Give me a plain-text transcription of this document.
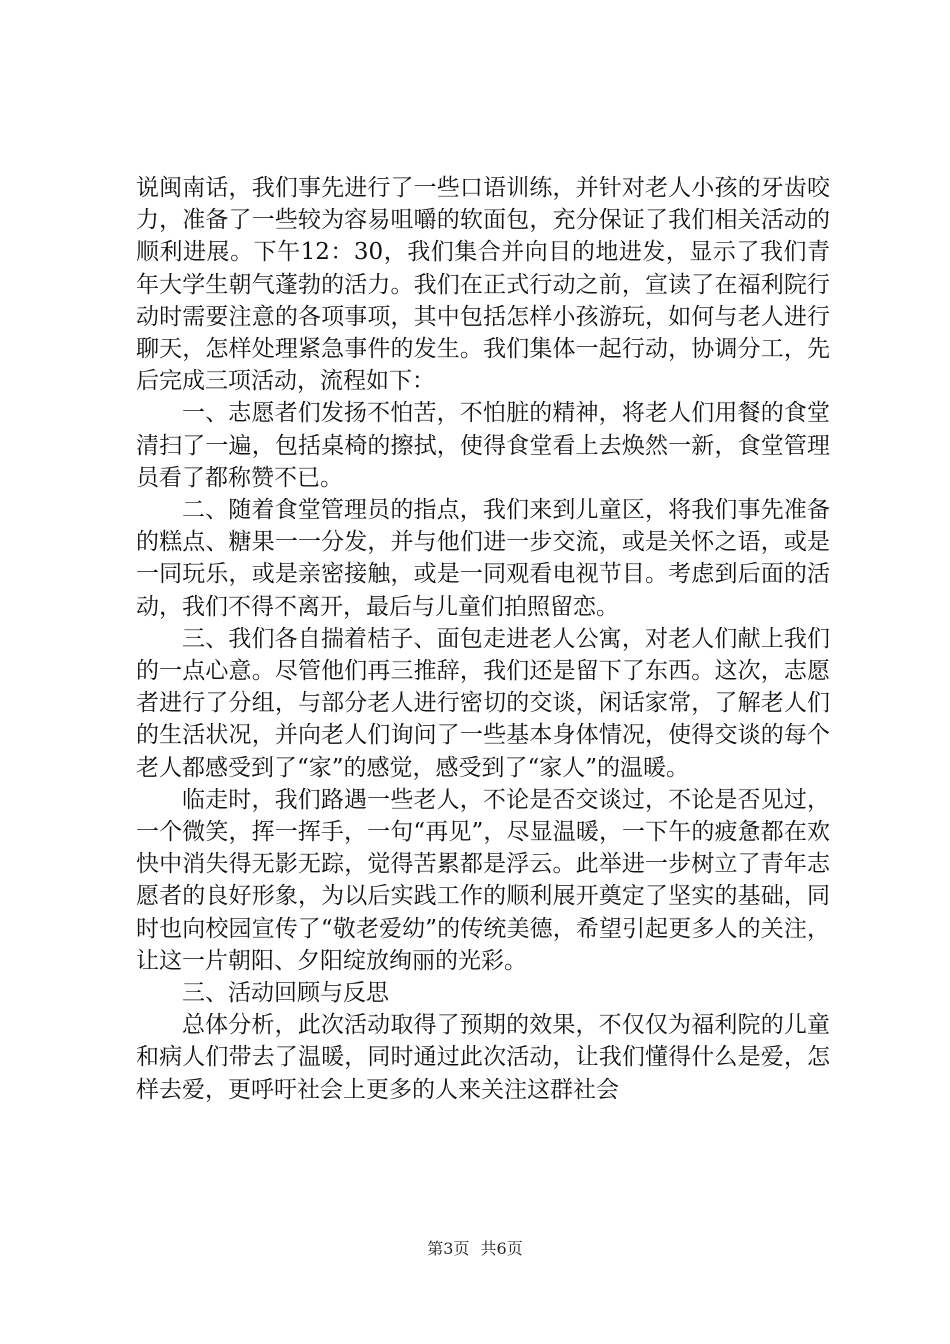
说闽南话，我们事先进行了一些口语训练，并针对老人小孩的牙齿咬力，准备了一些较为容易咀嚼的软面包，充分保证了我们相关活动的顺利进展。下午12：30，我们集合并向目的地进发，显示了我们青年大学生朝气蓬勃的活力。我们在正式行动之前，宣读了在福利院行动时需要注意的各项事项，其中包括怎样小孩游玩，如何与老人进行聊天，怎样处理紧急事件的发生。我们集体一起行动，协调分工，先后完成三项活动，流程如下：

一、志愿者们发扬不怕苦，不怕脏的精神，将老人们用餐的食堂清扫了一遍，包括桌椅的擦拭，使得食堂看上去焕然一新，食堂管理员看了都称赞不已。

二、随着食堂管理员的指点，我们来到儿童区，将我们事先准备的糕点、糖果一一分发，并与他们进一步交流，或是关怀之语，或是一同玩乐，或是亲密接触，或是一同观看电视节目。考虑到后面的活动，我们不得不离开，最后与儿童们拍照留恋。

三、我们各自揣着桔子、面包走进老人公寓，对老人们献上我们的一点心意。尽管他们再三推辞，我们还是留下了东西。这次，志愿者进行了分组，与部分老人进行密切的交谈，闲话家常，了解老人们的生活状况，并向老人们询问了一些基本身体情况，使得交谈的每个老人都感受到了“家”的感觉，感受到了“家人”的温暖。

临走时，我们路遇一些老人，不论是否交谈过，不论是否见过，一个微笑，挥一挥手，一句“再见”，尽显温暖，一下午的疲惫都在欢快中消失得无影无踪，觉得苦累都是浮云。此举进一步树立了青年志愿者的良好形象，为以后实践工作的顺利展开奠定了坚实的基础，同时也向校园宣传了“敬老爱幼”的传统美德，希望引起更多人的关注，让这一片朝阳、夕阳绽放绚丽的光彩。

三、活动回顾与反思

总体分析，此次活动取得了预期的效果，不仅仅为福利院的儿童和病人们带去了温暖，同时通过此次活动，让我们懂得什么是爱，怎样去爱，更呼吁社会上更多的人来关注这群社会

第3页 共6页
